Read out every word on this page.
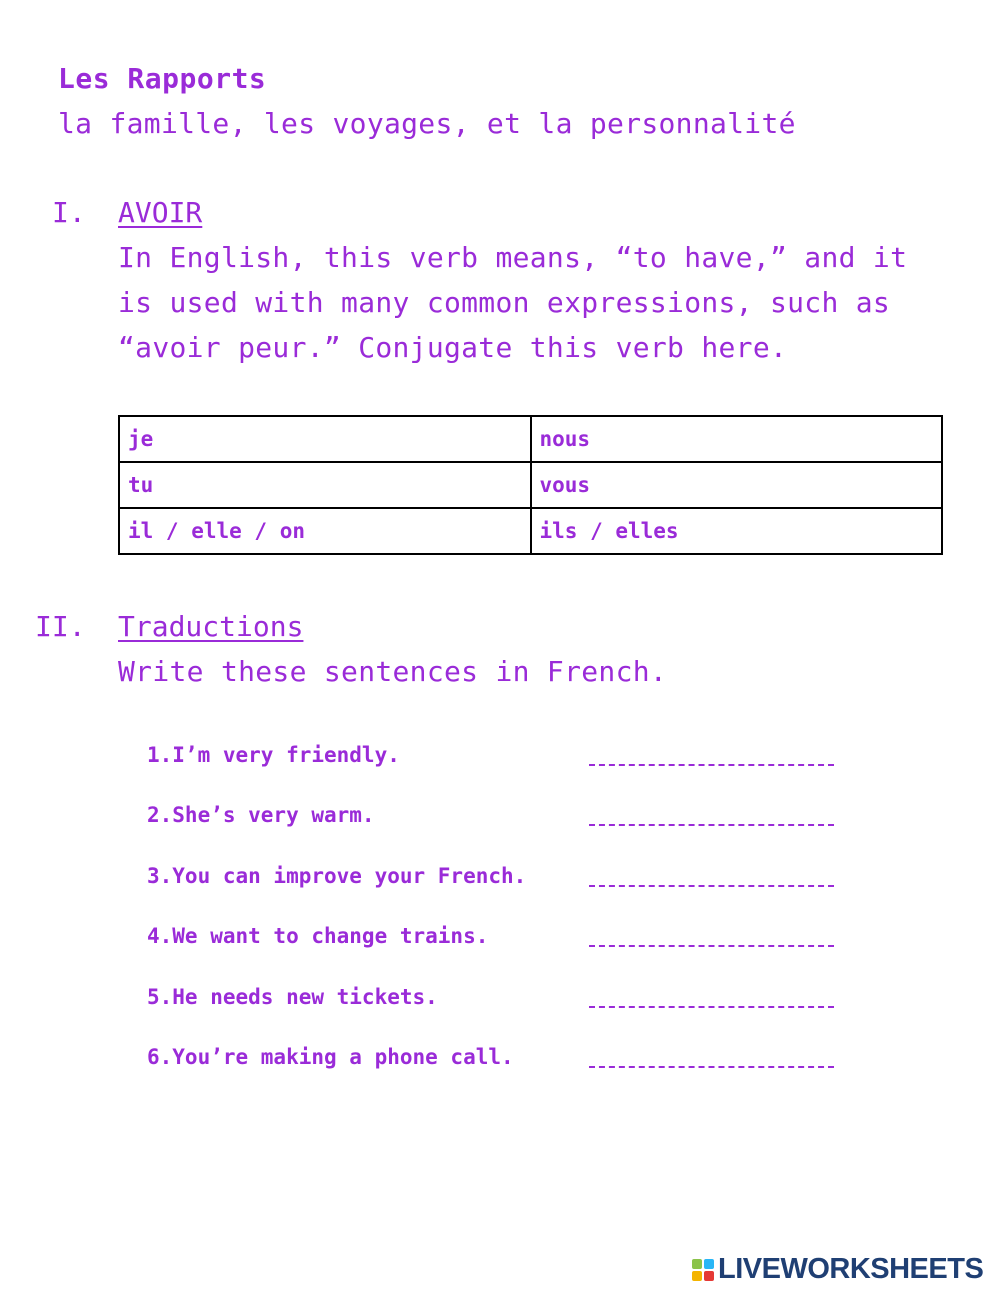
Les Rapports

la famille, les voyages, et la personnalité

I. AVOIR
In English, this verb means, “to have,” and it
is used with many common expressions, such as
“avoir peur.” Conjugate this verb here.
je	nous
tu	vous
il / elle / on	ils / elles
II. Traductions
Write these sentences in French.
1.I’m very friendly.
2.She’s very warm.
3.You can improve your French.
4.We want to change trains.
5.He needs new tickets.
6.You’re making a phone call.
LIVEWORKSHEETS
